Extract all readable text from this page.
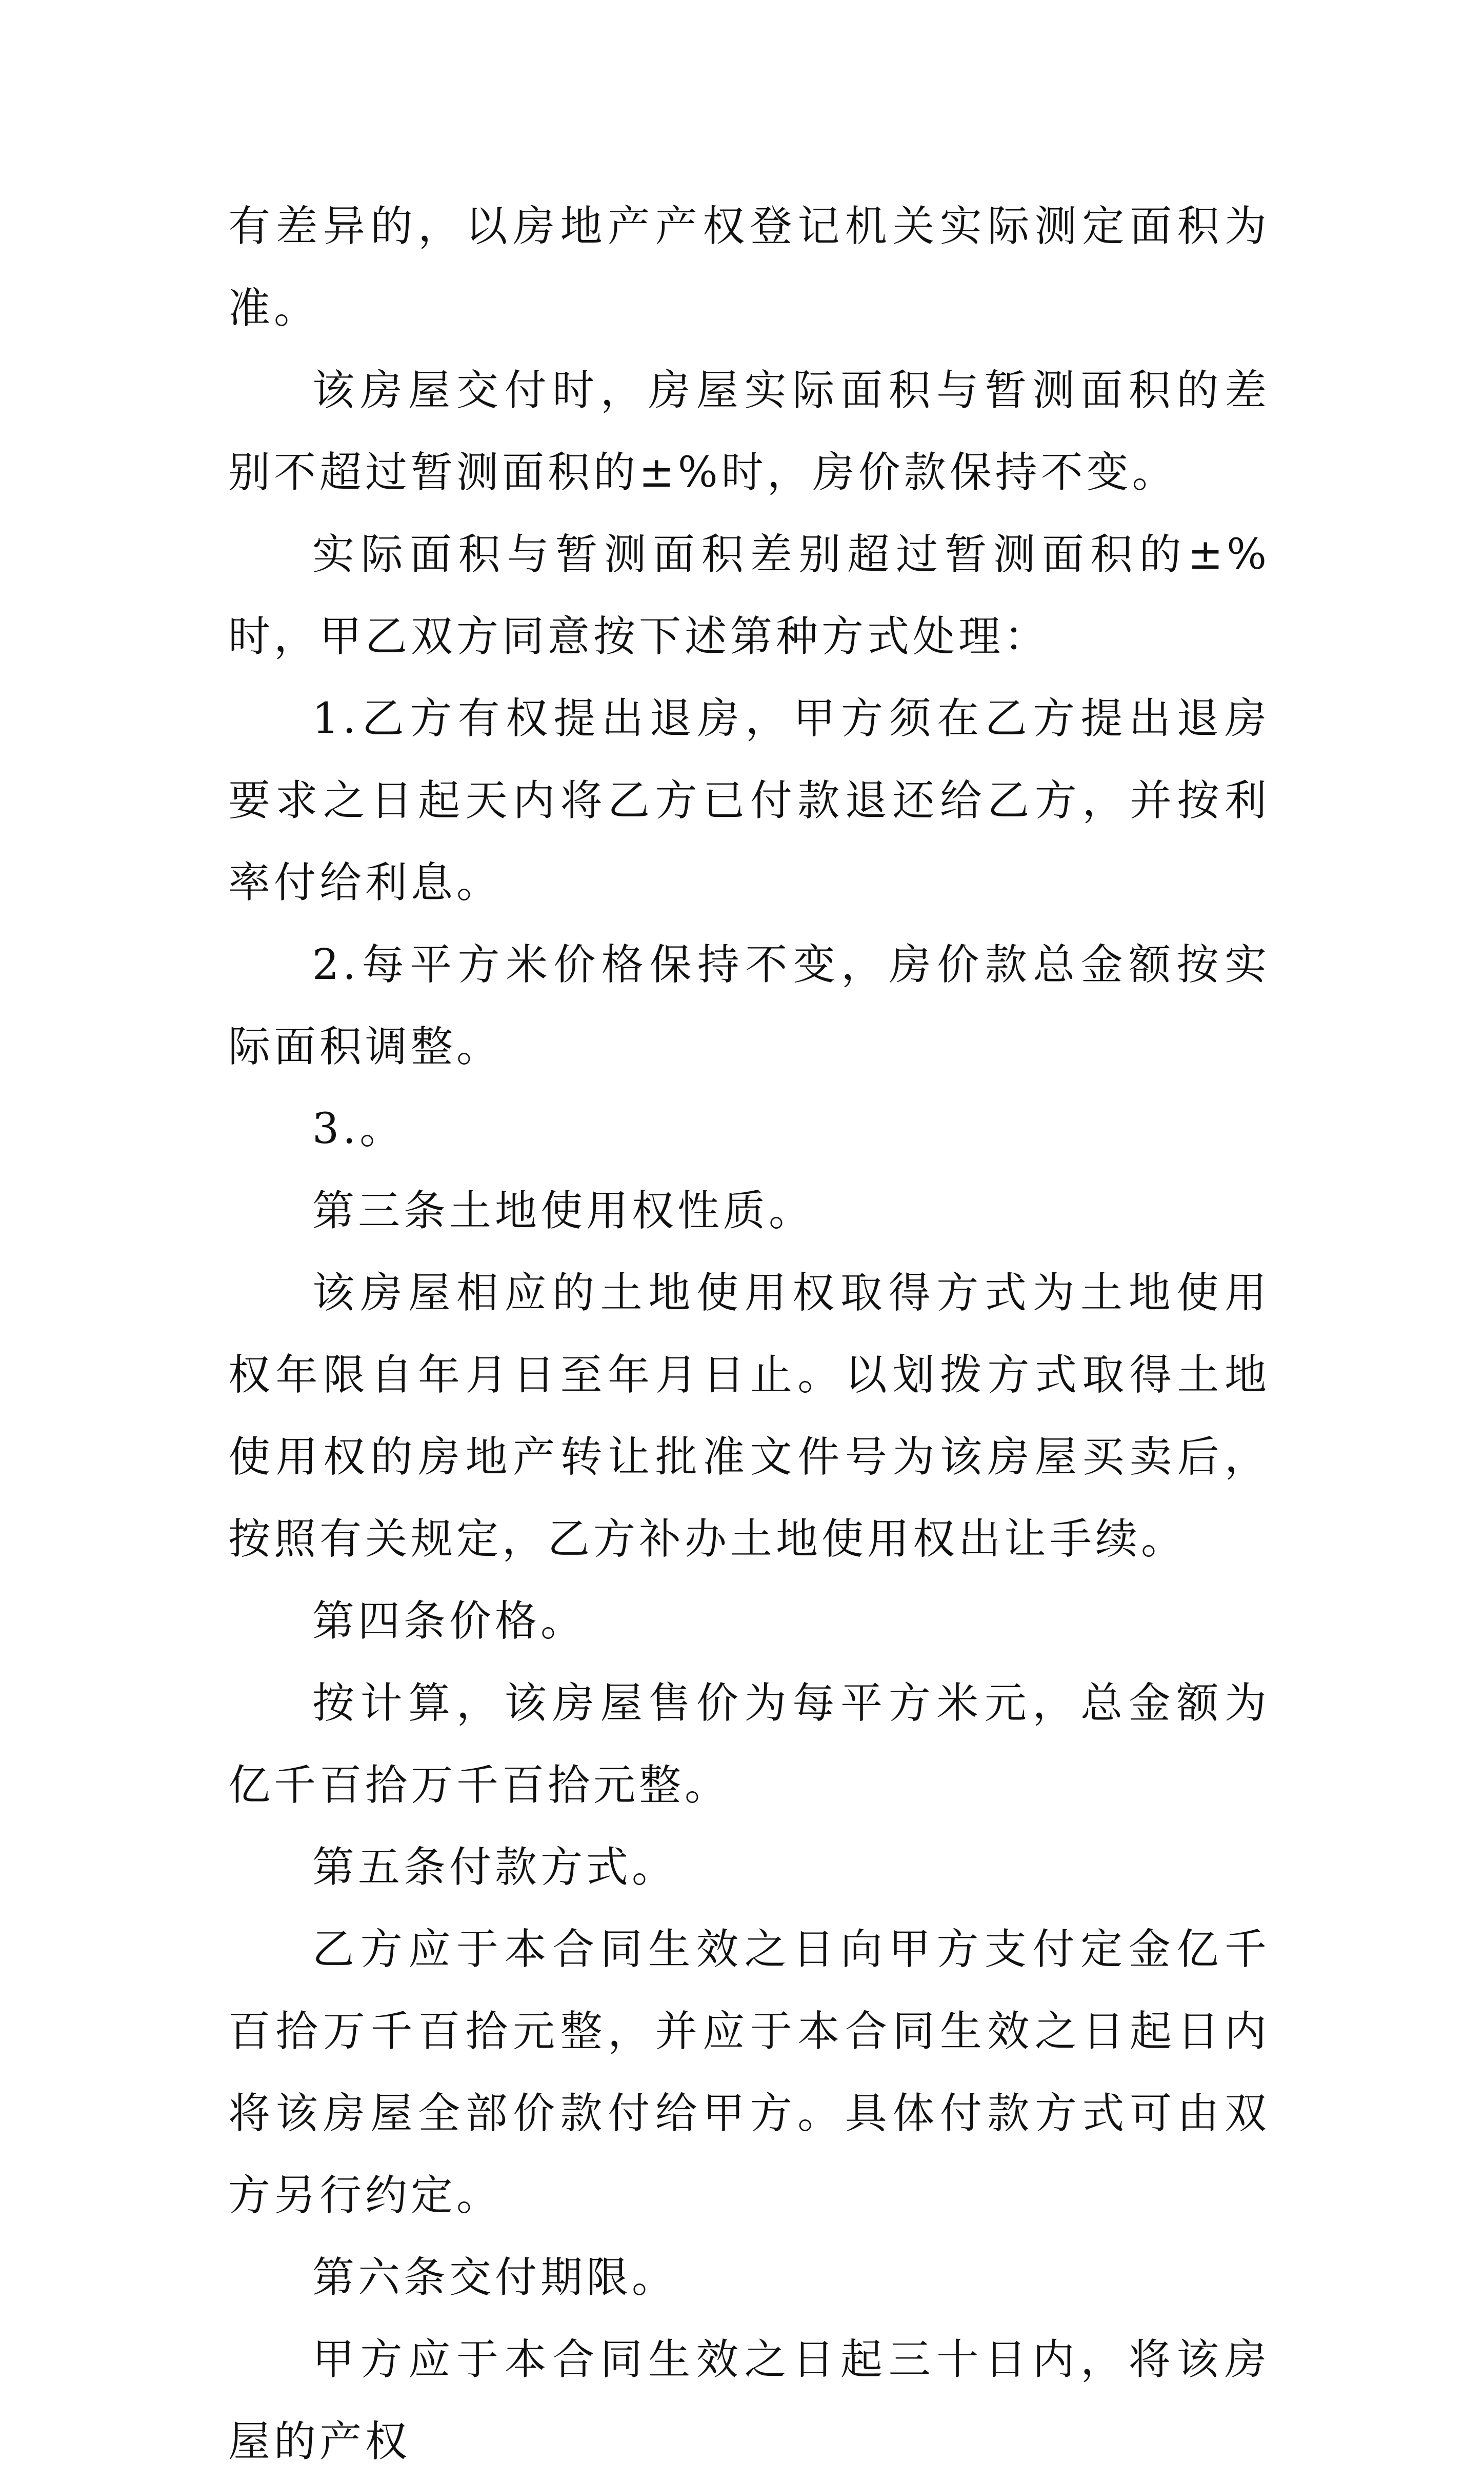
有差异的，以房地产产权登记机关实际测定面积为准。

该房屋交付时，房屋实际面积与暂测面积的差别不超过暂测面积的±%时，房价款保持不变。

实际面积与暂测面积差别超过暂测面积的±%时，甲乙双方同意按下述第种方式处理：

1.乙方有权提出退房，甲方须在乙方提出退房要求之日起天内将乙方已付款退还给乙方，并按利率付给利息。

2.每平方米价格保持不变，房价款总金额按实际面积调整。

3.。

第三条土地使用权性质。

该房屋相应的土地使用权取得方式为土地使用权年限自年月日至年月日止。以划拨方式取得土地使用权的房地产转让批准文件号为该房屋买卖后，按照有关规定，乙方补办土地使用权出让手续。

第四条价格。

按计算，该房屋售价为每平方米元，总金额为亿千百拾万千百拾元整。

第五条付款方式。

乙方应于本合同生效之日向甲方支付定金亿千百拾万千百拾元整，并应于本合同生效之日起日内将该房屋全部价款付给甲方。具体付款方式可由双方另行约定。

第六条交付期限。

甲方应于本合同生效之日起三十日内，将该房屋的产权
